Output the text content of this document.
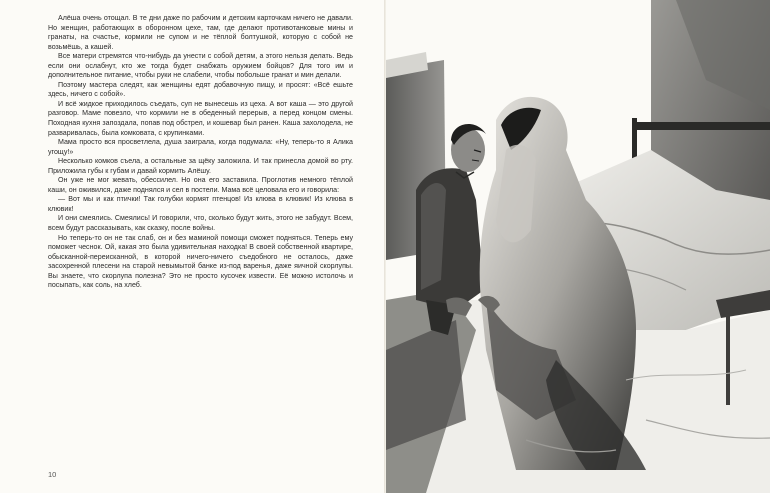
Алёша очень отощал. В те дни даже по рабочим и детским карточкам ничего не давали. Но женщин, работающих в оборонном цехе, там, где делают противотанковые мины и гранаты, на счастье, кормили не супом и не тёплой болтушкой, которую с собой не возьмёшь, а кашей.

Все матери стремятся что-нибудь да унести с собой детям, а этого нельзя делать. Ведь если они ослабнут, кто же тогда будет снабжать оружием бойцов? Для того им и дополнительное питание, чтобы руки не слабели, чтобы побольше гранат и мин делали.

Поэтому мастера следят, как женщины едят добавочную пищу, и просят: «Всё ешьте здесь, ничего с собой».

И всё жидкое приходилось съедать, суп не вынесешь из цеха. А вот каша — это другой разговор. Маме повезло, что кормили не в обеденный перерыв, а перед концом смены. Походная кухня запоздала, попав под обстрел, и кошевар был ранен. Каша захолодела, не разваривалась, была комковата, с крупинками.

Мама просто вся просветлела, душа заиграла, когда подумала: «Ну, теперь-то я Алика угощу!»

Несколько комков съела, а остальные за щёку заложила. И так принесла домой во рту. Приложила губы к губам и давай кормить Алёшу.

Он уже не мог жевать, обессилел. Но она его заставила. Проглотив немного тёплой каши, он оживился, даже поднялся и сел в постели. Мама всё целовала его и говорила:

— Вот мы и как птички! Так голубки кормят птенцов! Из клюва в клювик! Из клюва в клювик!

И они смеялись. Смеялись! И говорили, что, сколько будут жить, этого не забудут. Всем, всем будут рассказывать, как сказку, после войны.

Но теперь-то он не так слаб, он и без маминой помощи сможет подняться. Теперь ему поможет чеснок. Ой, какая это была удивительная находка! В своей собственной квартире, обысканной-переисканной, в которой ничего-ничего съедобного не осталось, даже засохренной плесени на старой невымытой банке из-под варенья, даже яичной скорлупы. Вы знаете, что скорлупа полезна? Это не просто кусочек извести. Её можно истолочь и посыпать, как соль, на хлеб.

10
